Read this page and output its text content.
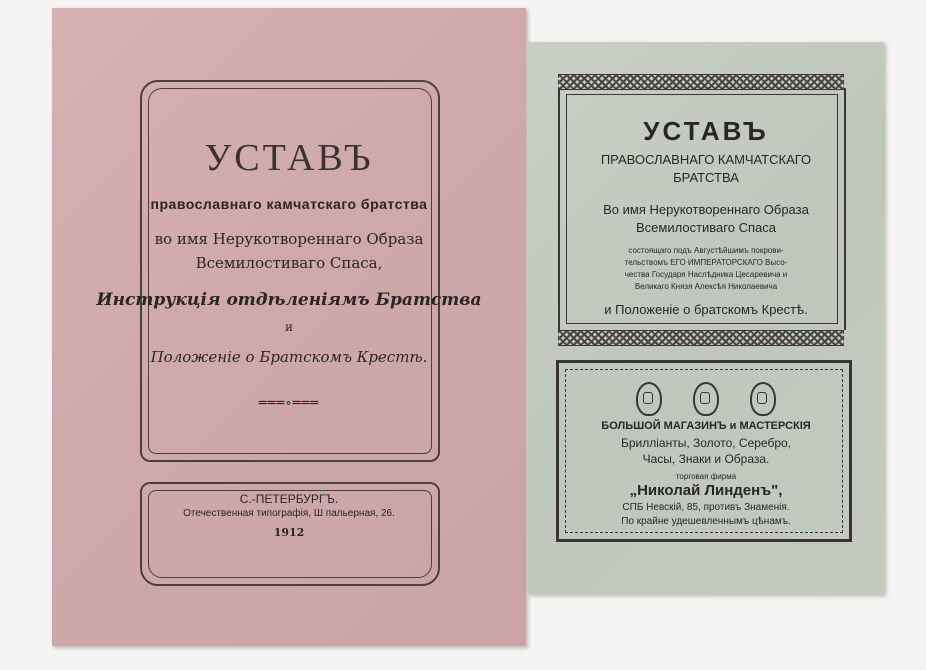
УСТАВЪ
православнаго камчатскаго братства
во имя Нерукотвореннаго Образа
Всемилостиваго Спаса,
Инструкція отдѣленіямъ Братства
и
Положеніе о Братскомъ Крестѣ.
═══∘═══
С.-ПЕТЕРБУРГЪ.
Отечественная типографія, Ш пальерная, 26.
1912
УСТАВЪ
ПРАВОСЛАВНАГО КАМЧАТСКАГО
БРАТСТВА
Во имя Нерукотвореннаго Образа
Всемилостиваго Спаса
состоящаго подъ Августѣйшимъ покрови-
тельствомъ ЕГО ИМПЕРАТОРСКАГО Высо-
чества Государя Наслѣдника Цесаревича и
Великаго Князя Алексѣя Николаевича
и Положеніе о братскомъ Крестѣ.

БОЛЬШОЙ МАГАЗИНЪ и МАСТЕРСКІЯ
Брилліанты, Золото, Серебро,
Часы, Знаки и Образа.
торговая фирма
„Николай Линденъ",
СПБ Невскій, 85, противъ Знаменія.
По крайне удешевленнымъ цѣнамъ.
